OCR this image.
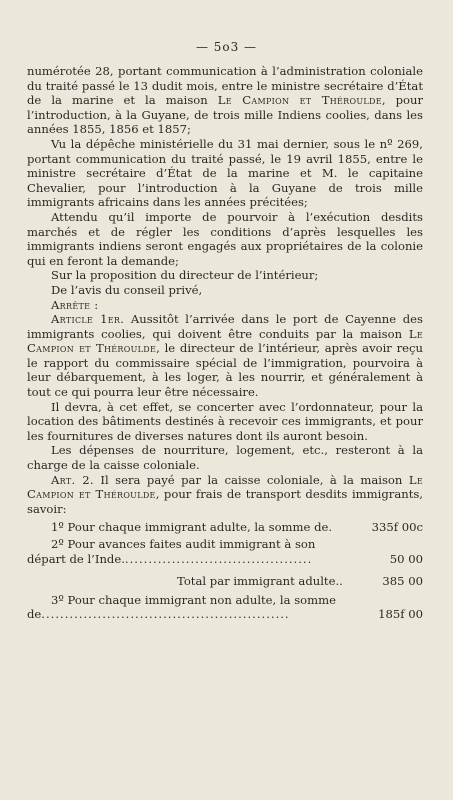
— 5o3 —

numérotée 28, portant communication à l’administration coloniale du traité passé le 13 dudit mois, entre le ministre secrétaire d’État de la marine et la maison Le Campion et Théroulde, pour l’introduction, à la Guyane, de trois mille Indiens coolies, dans les années 1855, 1856 et 1857;

Vu la dépêche ministérielle du 31 mai dernier, sous le nº 269, portant communication du traité passé, le 19 avril 1855, entre le ministre secrétaire d’État de la marine et M. le capitaine Chevalier, pour l’introduction à la Guyane de trois mille immigrants africains dans les années précitées;

Attendu qu’il importe de pourvoir à l’exécution desdits marchés et de régler les conditions d’après lesquelles les immigrants indiens seront engagés aux propriétaires de la colonie qui en feront la demande;

Sur la proposition du directeur de l’intérieur;

De l’avis du conseil privé,

Arrête :

Article 1er. Aussitôt l’arrivée dans le port de Cayenne des immigrants coolies, qui doivent être conduits par la maison Le Campion et Théroulde, le directeur de l’intérieur, après avoir reçu le rapport du commissaire spécial de l’immigration, pourvoira à leur débarquement, à les loger, à les nourrir, et généralement à tout ce qui pourra leur être nécessaire.

Il devra, à cet effet, se concerter avec l’ordonnateur, pour la location des bâtiments destinés à recevoir ces immigrants, et pour les fournitures de diverses natures dont ils auront besoin.

Les dépenses de nourriture, logement, etc., resteront à la charge de la caisse coloniale.

Art. 2. Il sera payé par la caisse coloniale, à la maison Le Campion et Théroulde, pour frais de transport desdits immigrants, savoir:

1º Pour chaque immigrant adulte, la somme de.	335f 00c
2º Pour avances faites audit immigrant à son
départ de l’Inde.........................................	50 00
Total par immigrant adulte..	385 00
3º Pour chaque immigrant non adulte, la somme
de.....................................................	185f 00
